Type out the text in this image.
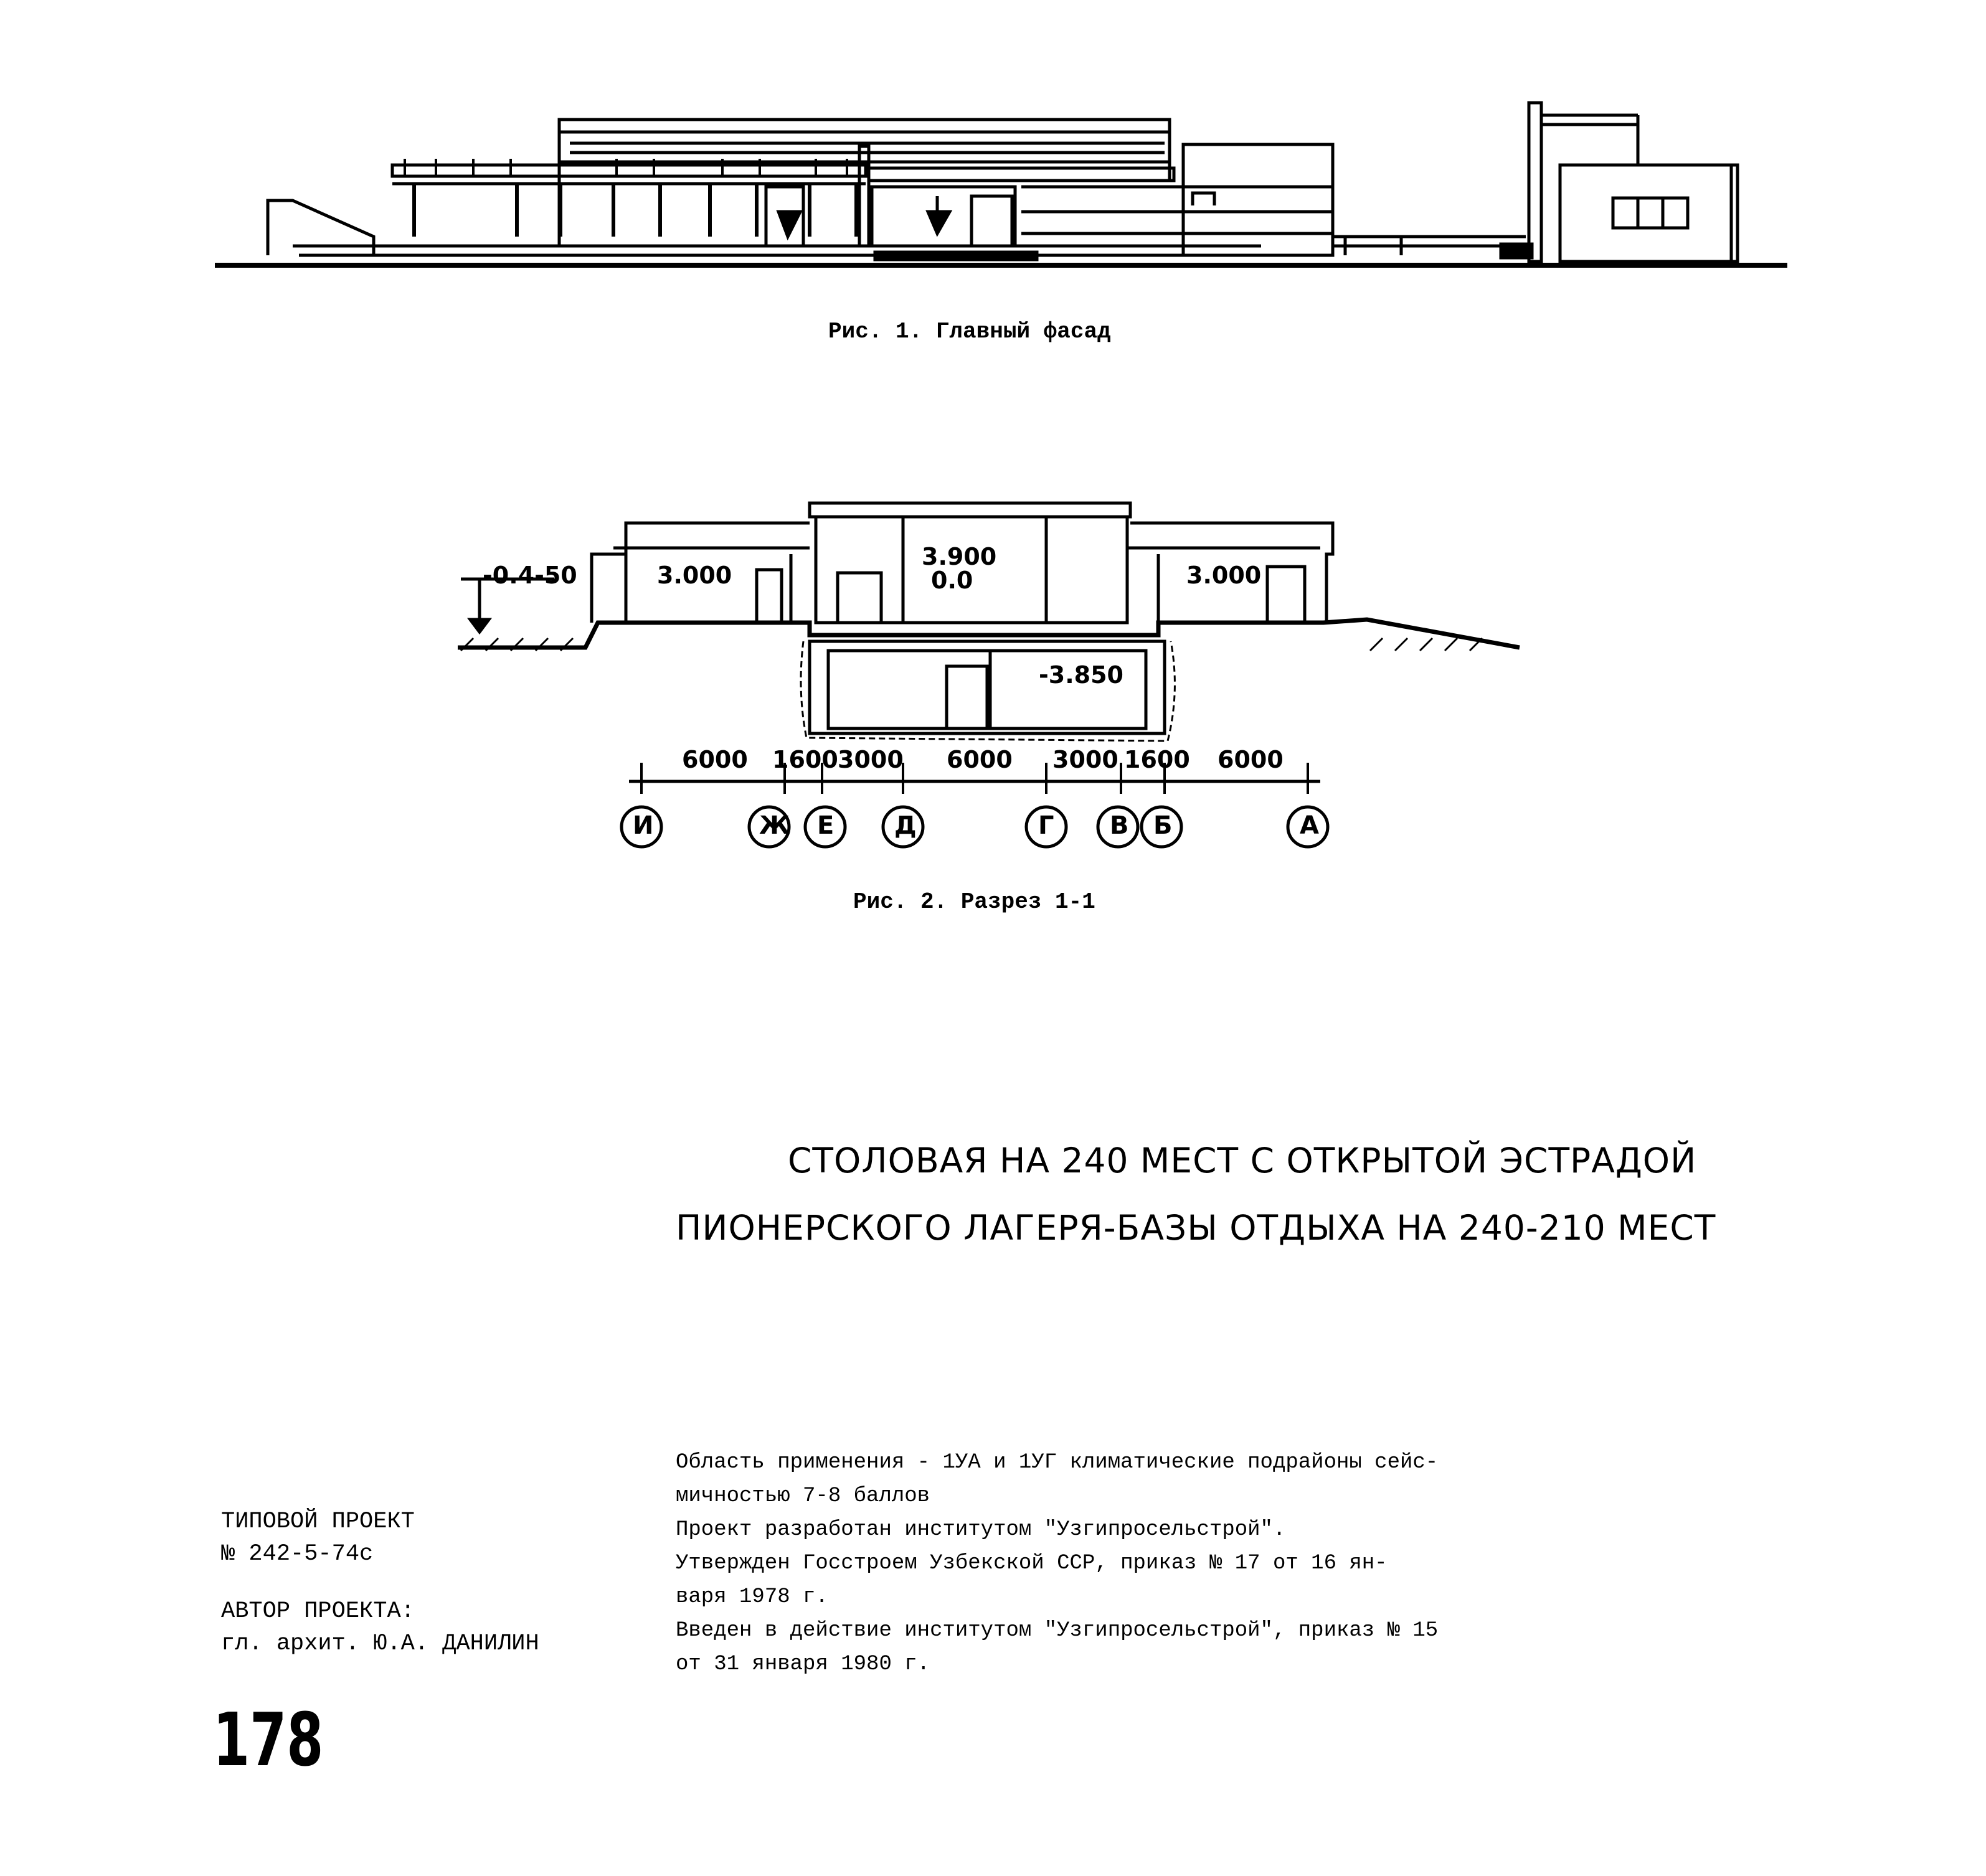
Рис. 1. Главный фасад
-0.4-50	3.000
3.900
0.0	3.000
-3.850
6000 1600 3000 6000 3000 1600 6000
И	Ж Е Д	Г В Б	А
Рис. 2. Разрез 1-1
СТОЛОВАЯ НА 240 МЕСТ С ОТКРЫТОЙ ЭСТРАДОЙ
ПИОНЕРСКОГО ЛАГЕРЯ-БАЗЫ ОТДЫХА НА 240-210 МЕСТ
ТИПОВОЙ ПРОЕКТ
№ 242-5-74с
АВТОР ПРОЕКТА:
гл. архит. Ю.А. ДАНИЛИН
Область применения - 1УА и 1УГ климатические подрайоны сейс-
мичностью 7-8 баллов
Проект разработан институтом "Узгипросельстрой".
Утвержден Госстроем Узбекской ССР, приказ № 17 от 16 ян-
варя 1978 г.
Введен в действие институтом "Узгипросельстрой", приказ № 15
от 31 января 1980 г.
178
